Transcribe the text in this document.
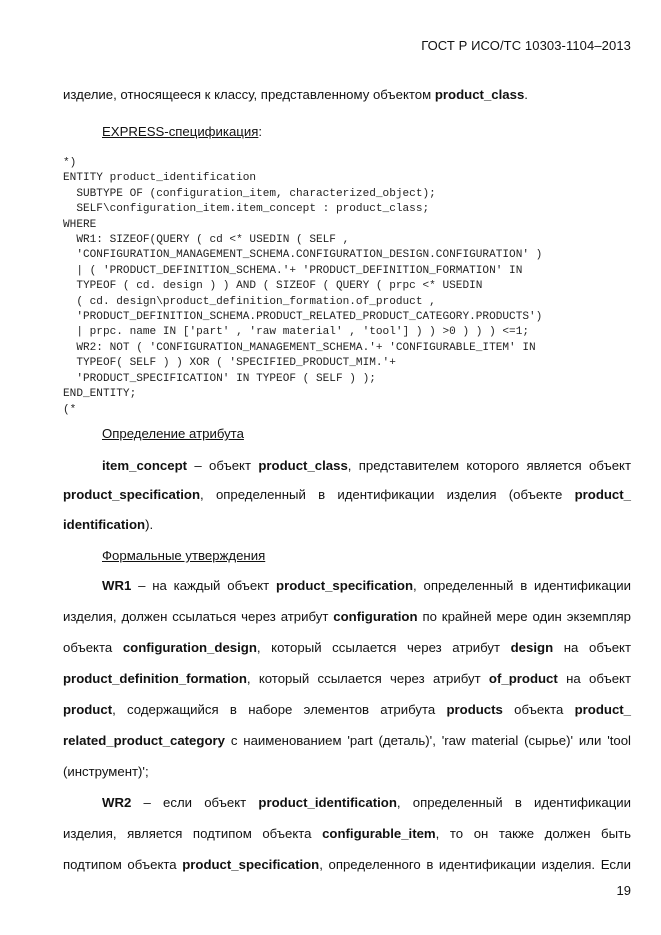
ГОСТ Р ИСО/ТС 10303-1104–2013
изделие, относящееся к классу, представленному объектом product_class.
EXPRESS-спецификация:
*)
ENTITY product_identification
SUBTYPE OF (configuration_item, characterized_object);
SELF\configuration_item.item_concept : product_class;
WHERE
WR1: SIZEOF(QUERY ( cd <* USEDIN ( SELF ,
'CONFIGURATION_MANAGEMENT_SCHEMA.CONFIGURATION_DESIGN.CONFIGURATION' )
| ( 'PRODUCT_DEFINITION_SCHEMA.'+ 'PRODUCT_DEFINITION_FORMATION' IN
TYPEOF ( cd. design ) ) AND ( SIZEOF ( QUERY ( prpc <* USEDIN
( cd. design\product_definition_formation.of_product ,
'PRODUCT_DEFINITION_SCHEMA.PRODUCT_RELATED_PRODUCT_CATEGORY.PRODUCTS')
| prpc. name IN ['part' , 'raw material' , 'tool'] ) ) >0 ) ) ) <=1;
WR2: NOT ( 'CONFIGURATION_MANAGEMENT_SCHEMA.'+ 'CONFIGURABLE_ITEM' IN
TYPEOF( SELF ) ) XOR ( 'SPECIFIED_PRODUCT_MIM.'+
'PRODUCT_SPECIFICATION' IN TYPEOF ( SELF ) );
END_ENTITY;
(*
Определение атрибута
item_concept – объект product_class, представителем которого является объект
product_specification, определенный в идентификации изделия (объекте product_
identification).
Формальные утверждения
WR1 – на каждый объект product_specification, определенный в идентификации
изделия, должен ссылаться через атрибут configuration по крайней мере один экземпляр
объекта configuration_design, который ссылается через атрибут design на объект
product_definition_formation, который ссылается через атрибут of_product на объект
product, содержащийся в наборе элементов атрибута products объекта product_
related_product_category с наименованием 'part (деталь)', 'raw material (сырье)' или 'tool
(инструмент)';
WR2 – если объект product_identification, определенный в идентификации
изделия, является подтипом объекта configurable_item, то он также должен быть
подтипом объекта product_specification, определенного в идентификации изделия. Если
19
